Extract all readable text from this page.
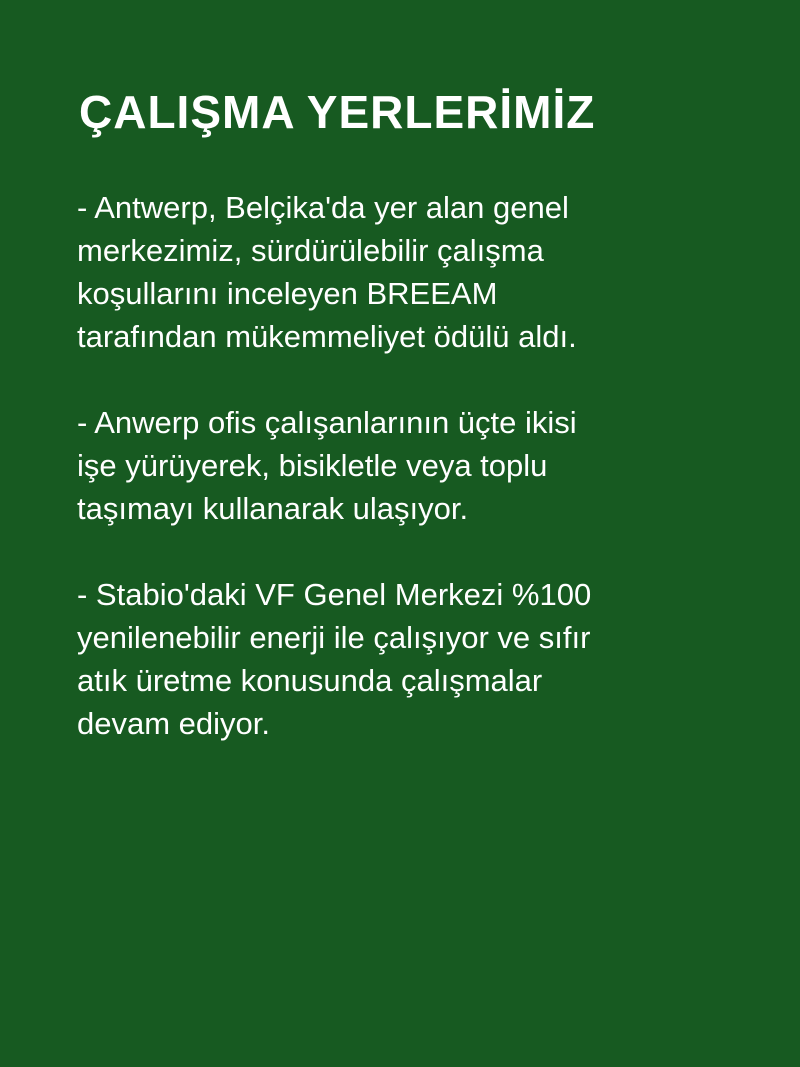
ÇALIŞMA YERLERİMİZ

- Antwerp, Belçika'da yer alan genel
merkezimiz, sürdürülebilir çalışma
koşullarını inceleyen BREEAM
tarafından mükemmeliyet ödülü aldı.

- Anwerp ofis çalışanlarının üçte ikisi
işe yürüyerek, bisikletle veya toplu
taşımayı kullanarak ulaşıyor.

- Stabio'daki VF Genel Merkezi %100
yenilenebilir enerji ile çalışıyor ve sıfır
atık üretme konusunda çalışmalar
devam ediyor.
